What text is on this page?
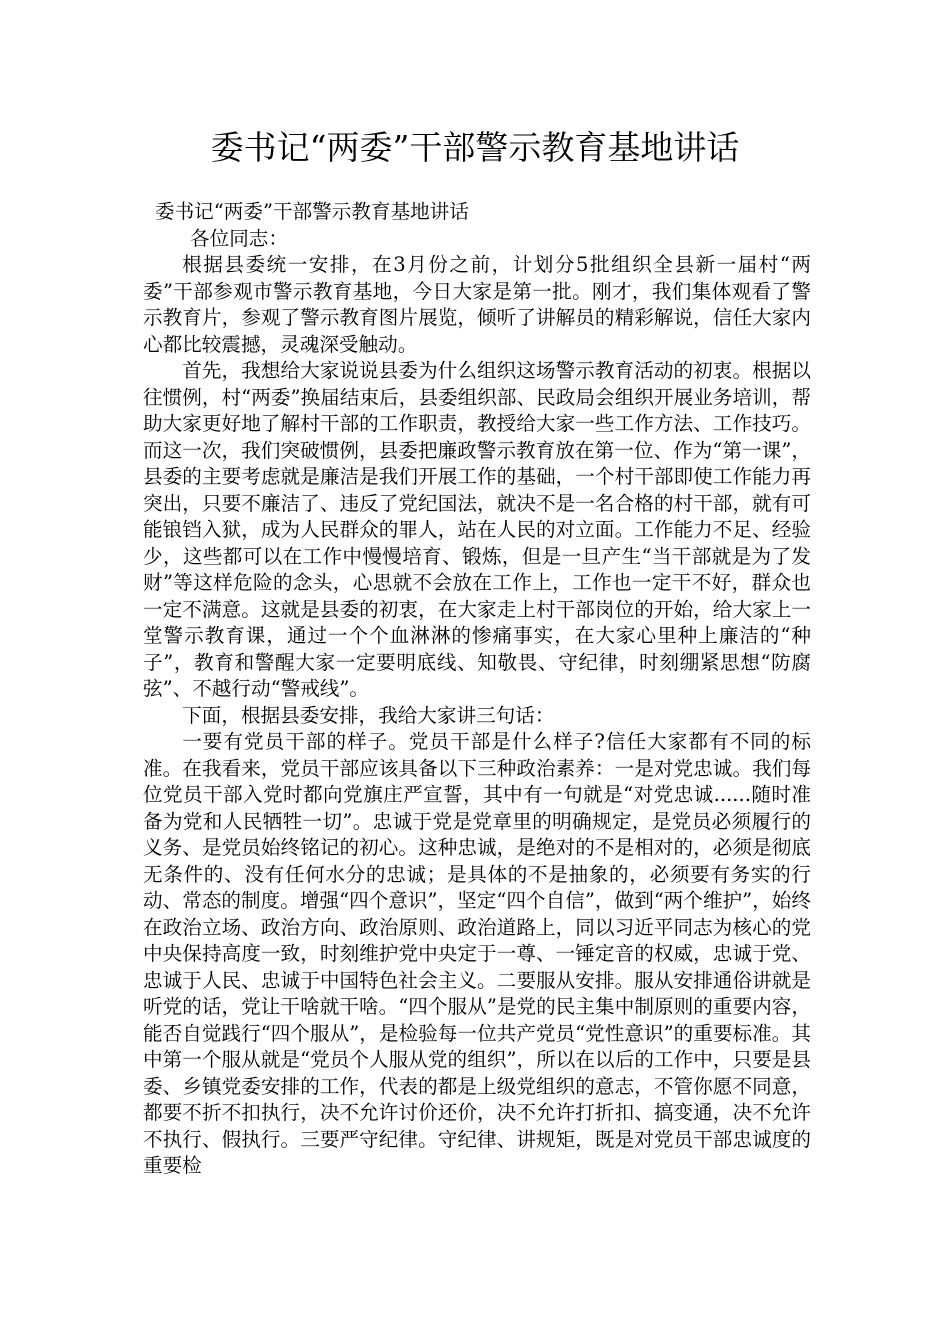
委书记“两委”干部警示教育基地讲话

委书记“两委”干部警示教育基地讲话

各位同志：

根据县委统一安排，在3月份之前，计划分5批组织全县新一届村“两委”干部参观市警示教育基地，今日大家是第一批。刚才，我们集体观看了警示教育片，参观了警示教育图片展览，倾听了讲解员的精彩解说，信任大家内心都比较震撼，灵魂深受触动。

首先，我想给大家说说县委为什么组织这场警示教育活动的初衷。根据以往惯例，村“两委”换届结束后，县委组织部、民政局会组织开展业务培训，帮助大家更好地了解村干部的工作职责，教授给大家一些工作方法、工作技巧。而这一次，我们突破惯例，县委把廉政警示教育放在第一位、作为“第一课”，县委的主要考虑就是廉洁是我们开展工作的基础，一个村干部即使工作能力再突出，只要不廉洁了、违反了党纪国法，就决不是一名合格的村干部，就有可能锒铛入狱，成为人民群众的罪人，站在人民的对立面。工作能力不足、经验少，这些都可以在工作中慢慢培育、锻炼，但是一旦产生“当干部就是为了发财”等这样危险的念头，心思就不会放在工作上，工作也一定干不好，群众也一定不满意。这就是县委的初衷，在大家走上村干部岗位的开始，给大家上一堂警示教育课，通过一个个血淋淋的惨痛事实，在大家心里种上廉洁的“种子”，教育和警醒大家一定要明底线、知敬畏、守纪律，时刻绷紧思想“防腐弦”、不越行动“警戒线”。

下面，根据县委安排，我给大家讲三句话：

一要有党员干部的样子。党员干部是什么样子?信任大家都有不同的标准。在我看来，党员干部应该具备以下三种政治素养：一是对党忠诚。我们每位党员干部入党时都向党旗庄严宣誓，其中有一句就是“对党忠诚......随时准备为党和人民牺牲一切”。忠诚于党是党章里的明确规定，是党员必须履行的义务、是党员始终铭记的初心。这种忠诚，是绝对的不是相对的，必须是彻底无条件的、没有任何水分的忠诚；是具体的不是抽象的，必须要有务实的行动、常态的制度。增强“四个意识”，坚定“四个自信”，做到“两个维护”，始终在政治立场、政治方向、政治原则、政治道路上，同以习近平同志为核心的党中央保持高度一致，时刻维护党中央定于一尊、一锤定音的权威，忠诚于党、忠诚于人民、忠诚于中国特色社会主义。二要服从安排。服从安排通俗讲就是听党的话，党让干啥就干啥。“四个服从”是党的民主集中制原则的重要内容，能否自觉践行“四个服从”，是检验每一位共产党员“党性意识”的重要标准。其中第一个服从就是“党员个人服从党的组织”，所以在以后的工作中，只要是县委、乡镇党委安排的工作，代表的都是上级党组织的意志，不管你愿不同意，都要不折不扣执行，决不允许讨价还价，决不允许打折扣、搞变通，决不允许不执行、假执行。三要严守纪律。守纪律、讲规矩，既是对党员干部忠诚度的重要检
